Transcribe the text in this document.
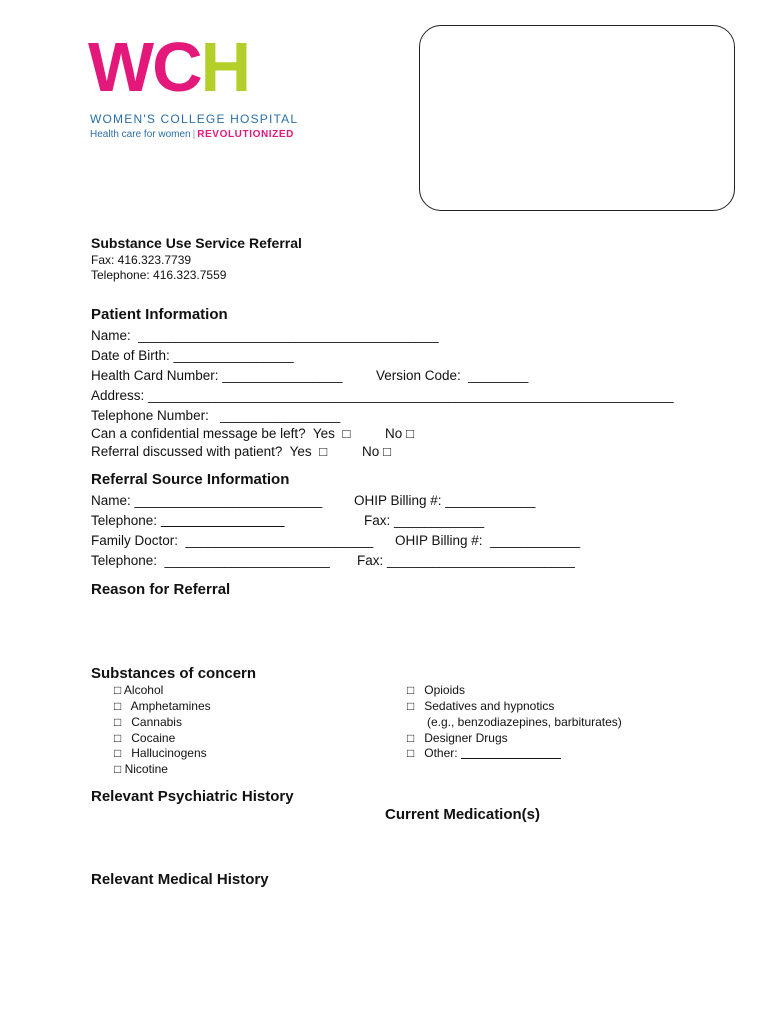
WCH
WOMEN'S COLLEGE HOSPITAL
Health care for women | REVOLUTIONIZED
Substance Use Service Referral
Fax: 416.323.7739
Telephone: 416.323.7559
Patient Information
Name:  ________________________________________
Date of Birth: ________________
Health Card Number: ________________ Version Code:  ________
Address: ______________________________________________________________________
Telephone Number:   ________________
Can a confidential message be left?  Yes  □	No □
Referral discussed with patient?  Yes  □	No □
Referral Source Information
Name: _________________________ OHIP Billing #: ____________
Telephone:	Fax: ____________
Family Doctor:  _________________________ OHIP Billing #:  ____________
Telephone:  ______________________ Fax: _________________________
Reason for Referral
Substances of concern
□ Alcohol
□   Amphetamines
□   Cannabis
□   Cocaine
□   Hallucinogens
□ Nicotine
□   Opioids
□   Sedatives and hypnotics
(e.g., benzodiazepines, barbiturates)
□   Designer Drugs
□   Other:
Relevant Psychiatric History
Current Medication(s)
Relevant Medical History
